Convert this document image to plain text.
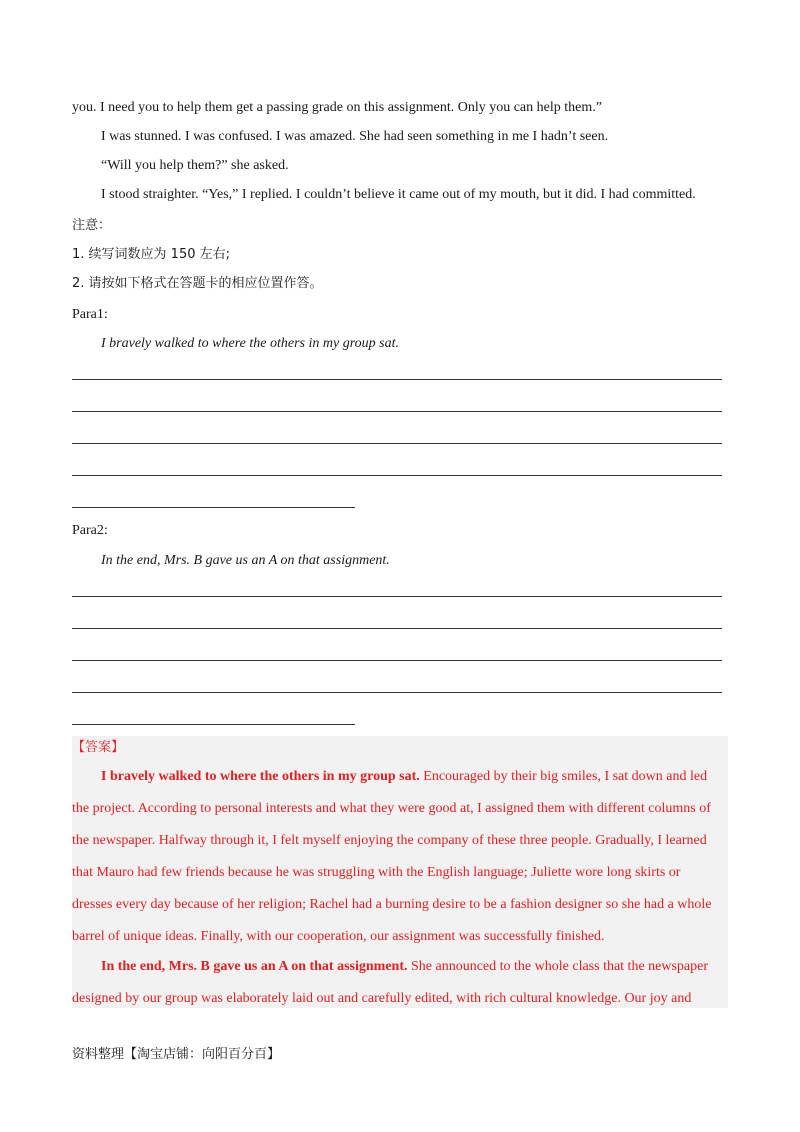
you. I need you to help them get a passing grade on this assignment. Only you can help them.”
I was stunned. I was confused. I was amazed. She had seen something in me I hadn’t seen.
“Will you help them?” she asked.
I stood straighter. “Yes,” I replied. I couldn’t believe it came out of my mouth, but it did. I had committed.
注意：
1. 续写词数应为 150 左右;
2. 请按如下格式在答题卡的相应位置作答。
Para1:
I bravely walked to where the others in my group sat.
Para2:
In the end, Mrs. B gave us an A on that assignment.
【答案】
I bravely walked to where the others in my group sat. Encouraged by their big smiles, I sat down and led
the project. According to personal interests and what they were good at, I assigned them with different columns of
the newspaper. Halfway through it, I felt myself enjoying the company of these three people. Gradually, I learned
that Mauro had few friends because he was struggling with the English language; Juliette wore long skirts or
dresses every day because of her religion; Rachel had a burning desire to be a fashion designer so she had a whole
barrel of unique ideas. Finally, with our cooperation, our assignment was successfully finished.
In the end, Mrs. B gave us an A on that assignment. She announced to the whole class that the newspaper
designed by our group was elaborately laid out and carefully edited, with rich cultural knowledge. Our joy and
资料整理【淘宝店铺：向阳百分百】
